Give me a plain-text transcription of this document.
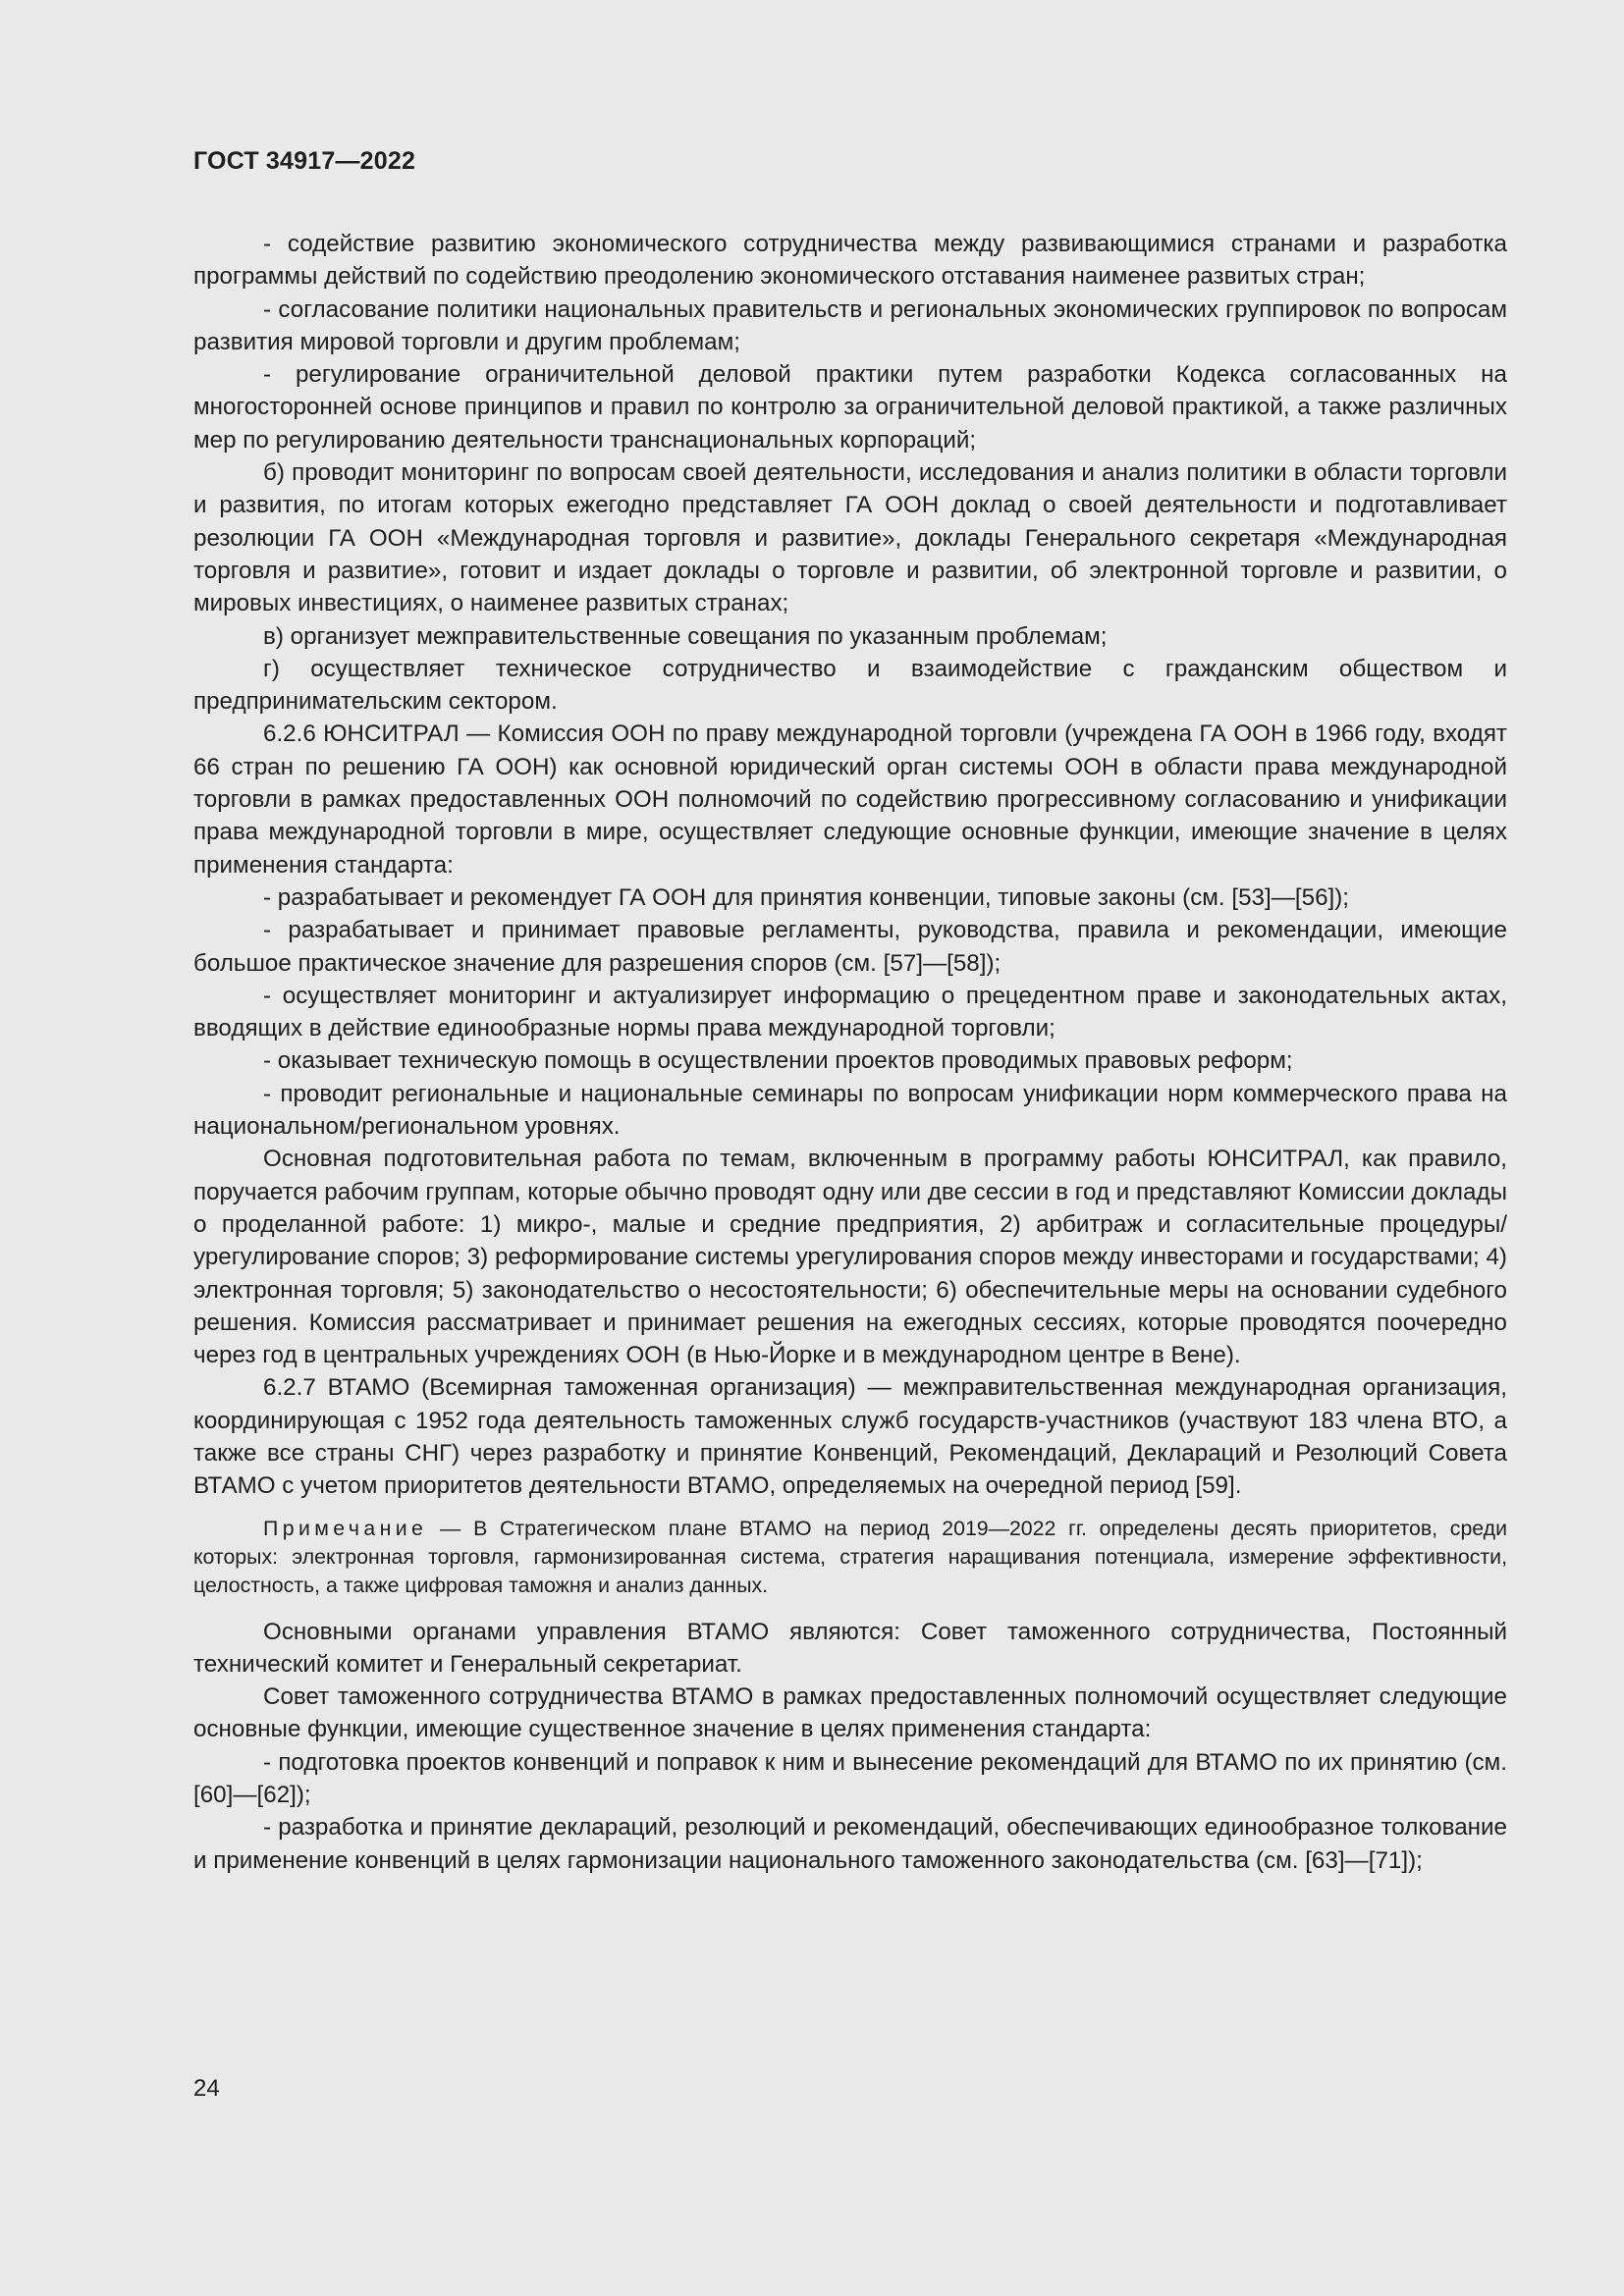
ГОСТ 34917—2022

- содействие развитию экономического сотрудничества между развивающимися странами и разработка программы действий по содействию преодолению экономического отставания наименее развитых стран;

- согласование политики национальных правительств и региональных экономических группировок по вопросам развития мировой торговли и другим проблемам;

- регулирование ограничительной деловой практики путем разработки Кодекса согласованных на многосторонней основе принципов и правил по контролю за ограничительной деловой практикой, а также различных мер по регулированию деятельности транснациональных корпораций;

б) проводит мониторинг по вопросам своей деятельности, исследования и анализ политики в области торговли и развития, по итогам которых ежегодно представляет ГА ООН доклад о своей деятельности и подготавливает резолюции ГА ООН «Международная торговля и развитие», доклады Генерального секретаря «Международная торговля и развитие», готовит и издает доклады о торговле и развитии, об электронной торговле и развитии, о мировых инвестициях, о наименее развитых странах;

в) организует межправительственные совещания по указанным проблемам;

г) осуществляет техническое сотрудничество и взаимодействие с гражданским обществом и предпринимательским сектором.

6.2.6 ЮНСИТРАЛ — Комиссия ООН по праву международной торговли (учреждена ГА ООН в 1966 году, входят 66 стран по решению ГА ООН) как основной юридический орган системы ООН в области права международной торговли в рамках предоставленных ООН полномочий по содействию прогрессивному согласованию и унификации права международной торговли в мире, осуществляет следующие основные функции, имеющие значение в целях применения стандарта:

- разрабатывает и рекомендует ГА ООН для принятия конвенции, типовые законы (см. [53]—[56]);

- разрабатывает и принимает правовые регламенты, руководства, правила и рекомендации, имеющие большое практическое значение для разрешения споров (см. [57]—[58]);

- осуществляет мониторинг и актуализирует информацию о прецедентном праве и законодательных актах, вводящих в действие единообразные нормы права международной торговли;

- оказывает техническую помощь в осуществлении проектов проводимых правовых реформ;

- проводит региональные и национальные семинары по вопросам унификации норм коммерческого права на национальном/региональном уровнях.

Основная подготовительная работа по темам, включенным в программу работы ЮНСИТРАЛ, как правило, поручается рабочим группам, которые обычно проводят одну или две сессии в год и представляют Комиссии доклады о проделанной работе: 1) микро-, малые и средние предприятия, 2) арбитраж и согласительные процедуры/урегулирование споров; 3) реформирование системы урегулирования споров между инвесторами и государствами; 4) электронная торговля; 5) законодательство о несостоятельности; 6) обеспечительные меры на основании судебного решения. Комиссия рассматривает и принимает решения на ежегодных сессиях, которые проводятся поочередно через год в центральных учреждениях ООН (в Нью-Йорке и в международном центре в Вене).

6.2.7 ВТАМО (Всемирная таможенная организация) — межправительственная международная организация, координирующая с 1952 года деятельность таможенных служб государств-участников (участвуют 183 члена ВТО, а также все страны СНГ) через разработку и принятие Конвенций, Рекомендаций, Деклараций и Резолюций Совета ВТАМО с учетом приоритетов деятельности ВТАМО, определяемых на очередной период [59].

Примечание — В Стратегическом плане ВТАМО на период 2019—2022 гг. определены десять приоритетов, среди которых: электронная торговля, гармонизированная система, стратегия наращивания потенциала, измерение эффективности, целостность, а также цифровая таможня и анализ данных.

Основными органами управления ВТАМО являются: Совет таможенного сотрудничества, Постоянный технический комитет и Генеральный секретариат.

Совет таможенного сотрудничества ВТАМО в рамках предоставленных полномочий осуществляет следующие основные функции, имеющие существенное значение в целях применения стандарта:

- подготовка проектов конвенций и поправок к ним и вынесение рекомендаций для ВТАМО по их принятию (см. [60]—[62]);

- разработка и принятие деклараций, резолюций и рекомендаций, обеспечивающих единообразное толкование и применение конвенций в целях гармонизации национального таможенного законодательства (см. [63]—[71]);

24
